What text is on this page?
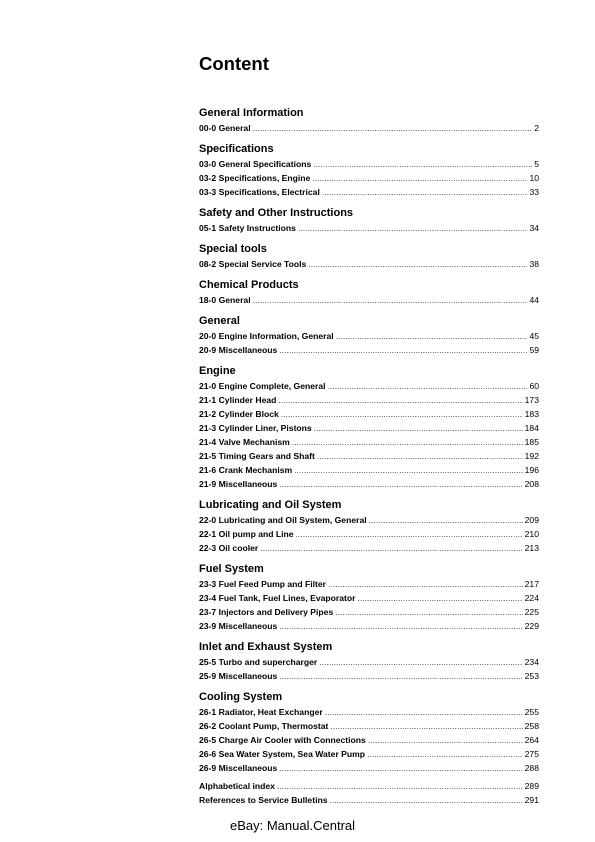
Content
General Information
00-0 General .....	2
Specifications
03-0 General Specifications .....	5
03-2 Specifications, Engine .....	10
03-3 Specifications, Electrical .....	33
Safety and Other Instructions
05-1 Safety Instructions .....	34
Special tools
08-2 Special Service Tools .....	38
Chemical Products
18-0 General .....	44
General
20-0 Engine Information, General .....	45
20-9 Miscellaneous .....	59
Engine
21-0 Engine Complete, General .....	60
21-1 Cylinder Head .....	173
21-2 Cylinder Block .....	183
21-3 Cylinder Liner, Pistons .....	184
21-4 Valve Mechanism .....	185
21-5 Timing Gears and Shaft .....	192
21-6 Crank Mechanism .....	196
21-9 Miscellaneous .....	208
Lubricating and Oil System
22-0 Lubricating and Oil System, General .....	209
22-1 Oil pump and Line .....	210
22-3 Oil cooler .....	213
Fuel System
23-3 Fuel Feed Pump and Filter .....	217
23-4 Fuel Tank, Fuel Lines, Evaporator .....	224
23-7 Injectors and Delivery Pipes .....	225
23-9 Miscellaneous .....	229
Inlet and Exhaust System
25-5 Turbo and supercharger .....	234
25-9 Miscellaneous .....	253
Cooling System
26-1 Radiator, Heat Exchanger .....	255
26-2 Coolant Pump, Thermostat .....	258
26-5 Charge Air Cooler with Connections .....	264
26-6 Sea Water System, Sea Water Pump .....	275
26-9 Miscellaneous .....	288
Alphabetical index .....	289
References to Service Bulletins .....	291
eBay: Manual.Central
